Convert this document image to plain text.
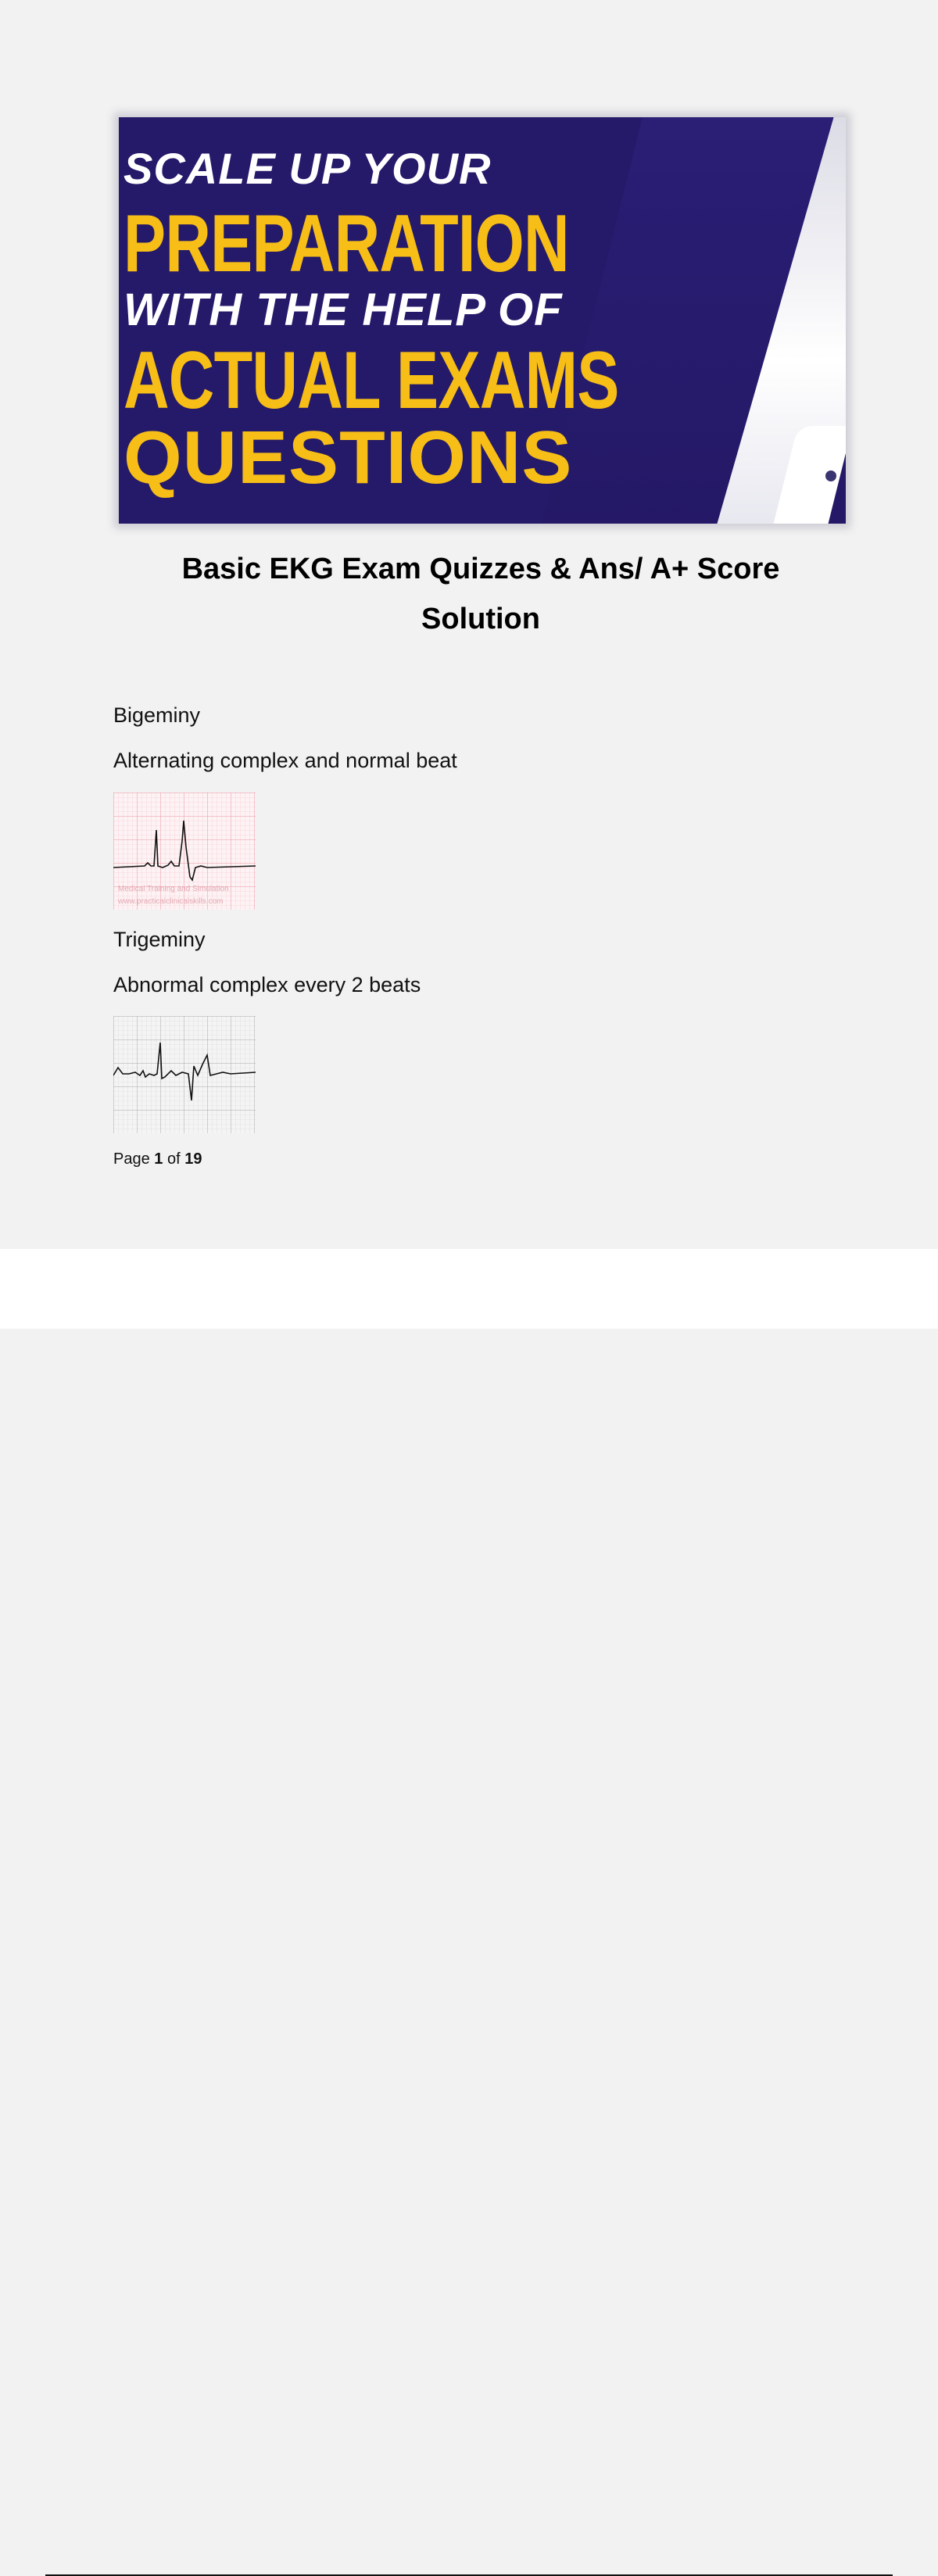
SCALE UP YOUR
PREPARATION
WITH THE HELP OF
ACTUAL EXAMS
QUESTIONS
Basic EKG Exam Quizzes & Ans/ A+ Score Solution
Bigeminy
Alternating complex and normal beat
Medical Training and Simulation
www.practicalclinicalskills.com
Trigeminy
Abnormal complex every 2 beats
Page 1 of 19
